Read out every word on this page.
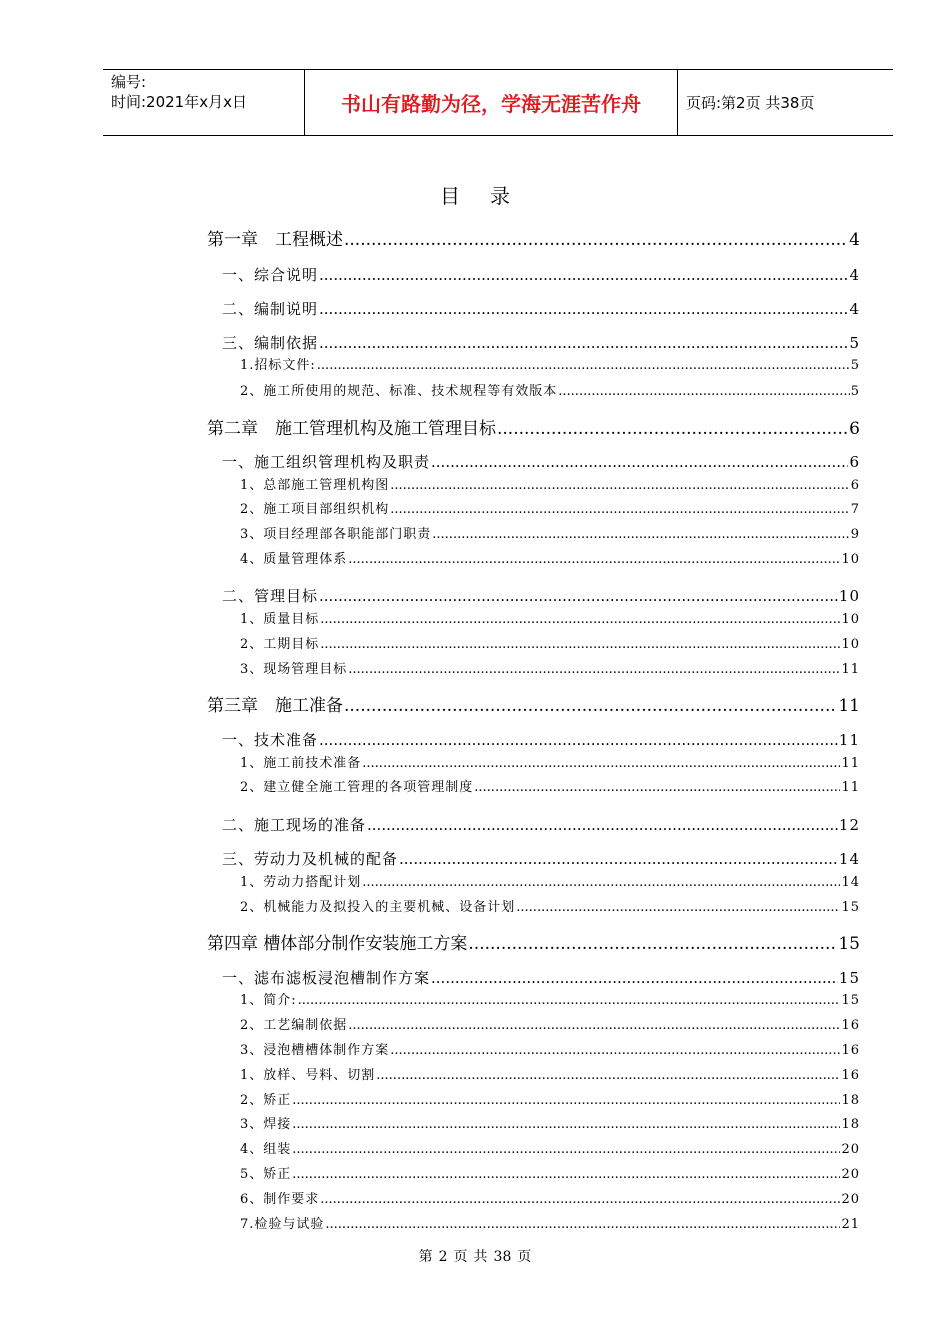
编号:
时间:2021年x月x日	书山有路勤为径，学海无涯苦作舟	页码:第2页 共38页
目录
第一章　工程概述 .....	4
一、综合说明 .....	4
二、编制说明 .....	4
三、编制依据 .....	5
1.招标文件: .....	5
2、施工所使用的规范、标准、技术规程等有效版本 .....	5
第二章　施工管理机构及施工管理目标 .....	6
一、施工组织管理机构及职责 .....	6
1、总部施工管理机构图 .....	6
2、施工项目部组织机构 .....	7
3、项目经理部各职能部门职责 .....	9
4、质量管理体系 .....	10
二、管理目标 .....	10
1、质量目标 .....	10
2、工期目标 .....	10
3、现场管理目标 .....	11
第三章　施工准备 .....	11
一、技术准备 .....	11
1、施工前技术准备 .....	11
2、建立健全施工管理的各项管理制度 .....	11
二、施工现场的准备 .....	12
三、劳动力及机械的配备 .....	14
1、劳动力搭配计划 .....	14
2、机械能力及拟投入的主要机械、设备计划 .....	15
第四章 槽体部分制作安装施工方案 .....	15
一、滤布滤板浸泡槽制作方案 .....	15
1、简介: .....	15
2、工艺编制依据 .....	16
3、浸泡槽槽体制作方案 .....	16
1、放样、号料、切割 .....	16
2、矫正 .....	18
3、焊接 .....	18
4、组装 .....	20
5、矫正 .....	20
6、制作要求 .....	20
7.检验与试验 .....	21
第 2 页 共 38 页
